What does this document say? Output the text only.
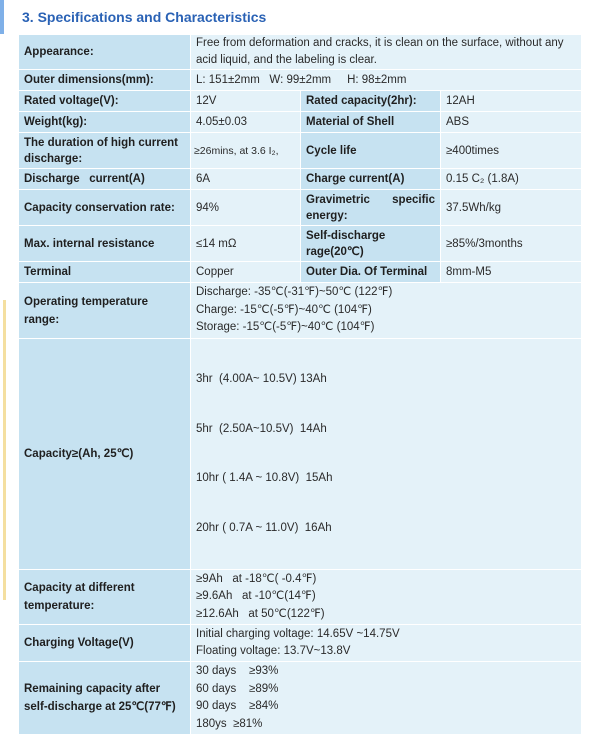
3. Specifications and Characteristics
Appearance:	Free from deformation and cracks, it is clean on the surface, without any acid liquid, and the labeling is clear.		
Outer dimensions(mm):	L: 151±2mm   W: 99±2mm     H: 98±2mm		
Rated voltage(V):	12V	Rated capacity(2hr):	12AH
Weight(kg):	4.05±0.03	Material of Shell	ABS
The duration of high current discharge:	≥26mins, at 3.6 I₂,	Cycle life	≥400times
Discharge   current(A)	6A	Charge current(A)	0.15 C₂ (1.8A)
Capacity conservation rate:	94%	Gravimetric specific energy:	37.5Wh/kg
Max. internal resistance	≤14 mΩ	Self-discharge rage(20℃)	≥85%/3months
Terminal	Copper	Outer Dia. Of Terminal	8mm-M5
Operating temperature range:	Discharge: -35℃(-31℉)~50℃ (122℉)
Charge: -15℃(-5℉)~40℃ (104℉)
Storage: -15℃(-5℉)~40℃ (104℉)		

Capacity≥(Ah, 25℃)	3hr  (4.00A~ 10.5V) 13Ah

5hr  (2.50A~10.5V)  14Ah

10hr ( 1.4A ~ 10.8V)  15Ah

20hr ( 0.7A ~ 11.0V)  16Ah		

Capacity at different temperature:	≥9Ah   at -18℃( -0.4℉)
≥9.6Ah   at -10℃(14℉)
≥12.6Ah   at 50℃(122℉)		

Charging Voltage(V)	Initial charging voltage: 14.65V ~14.75V
Floating voltage: 13.7V~13.8V		

Remaining capacity after self-discharge at 25℃(77℉)	30 days    ≥93%
60 days    ≥89%
90 days    ≥84%
180ys  ≥81%		
